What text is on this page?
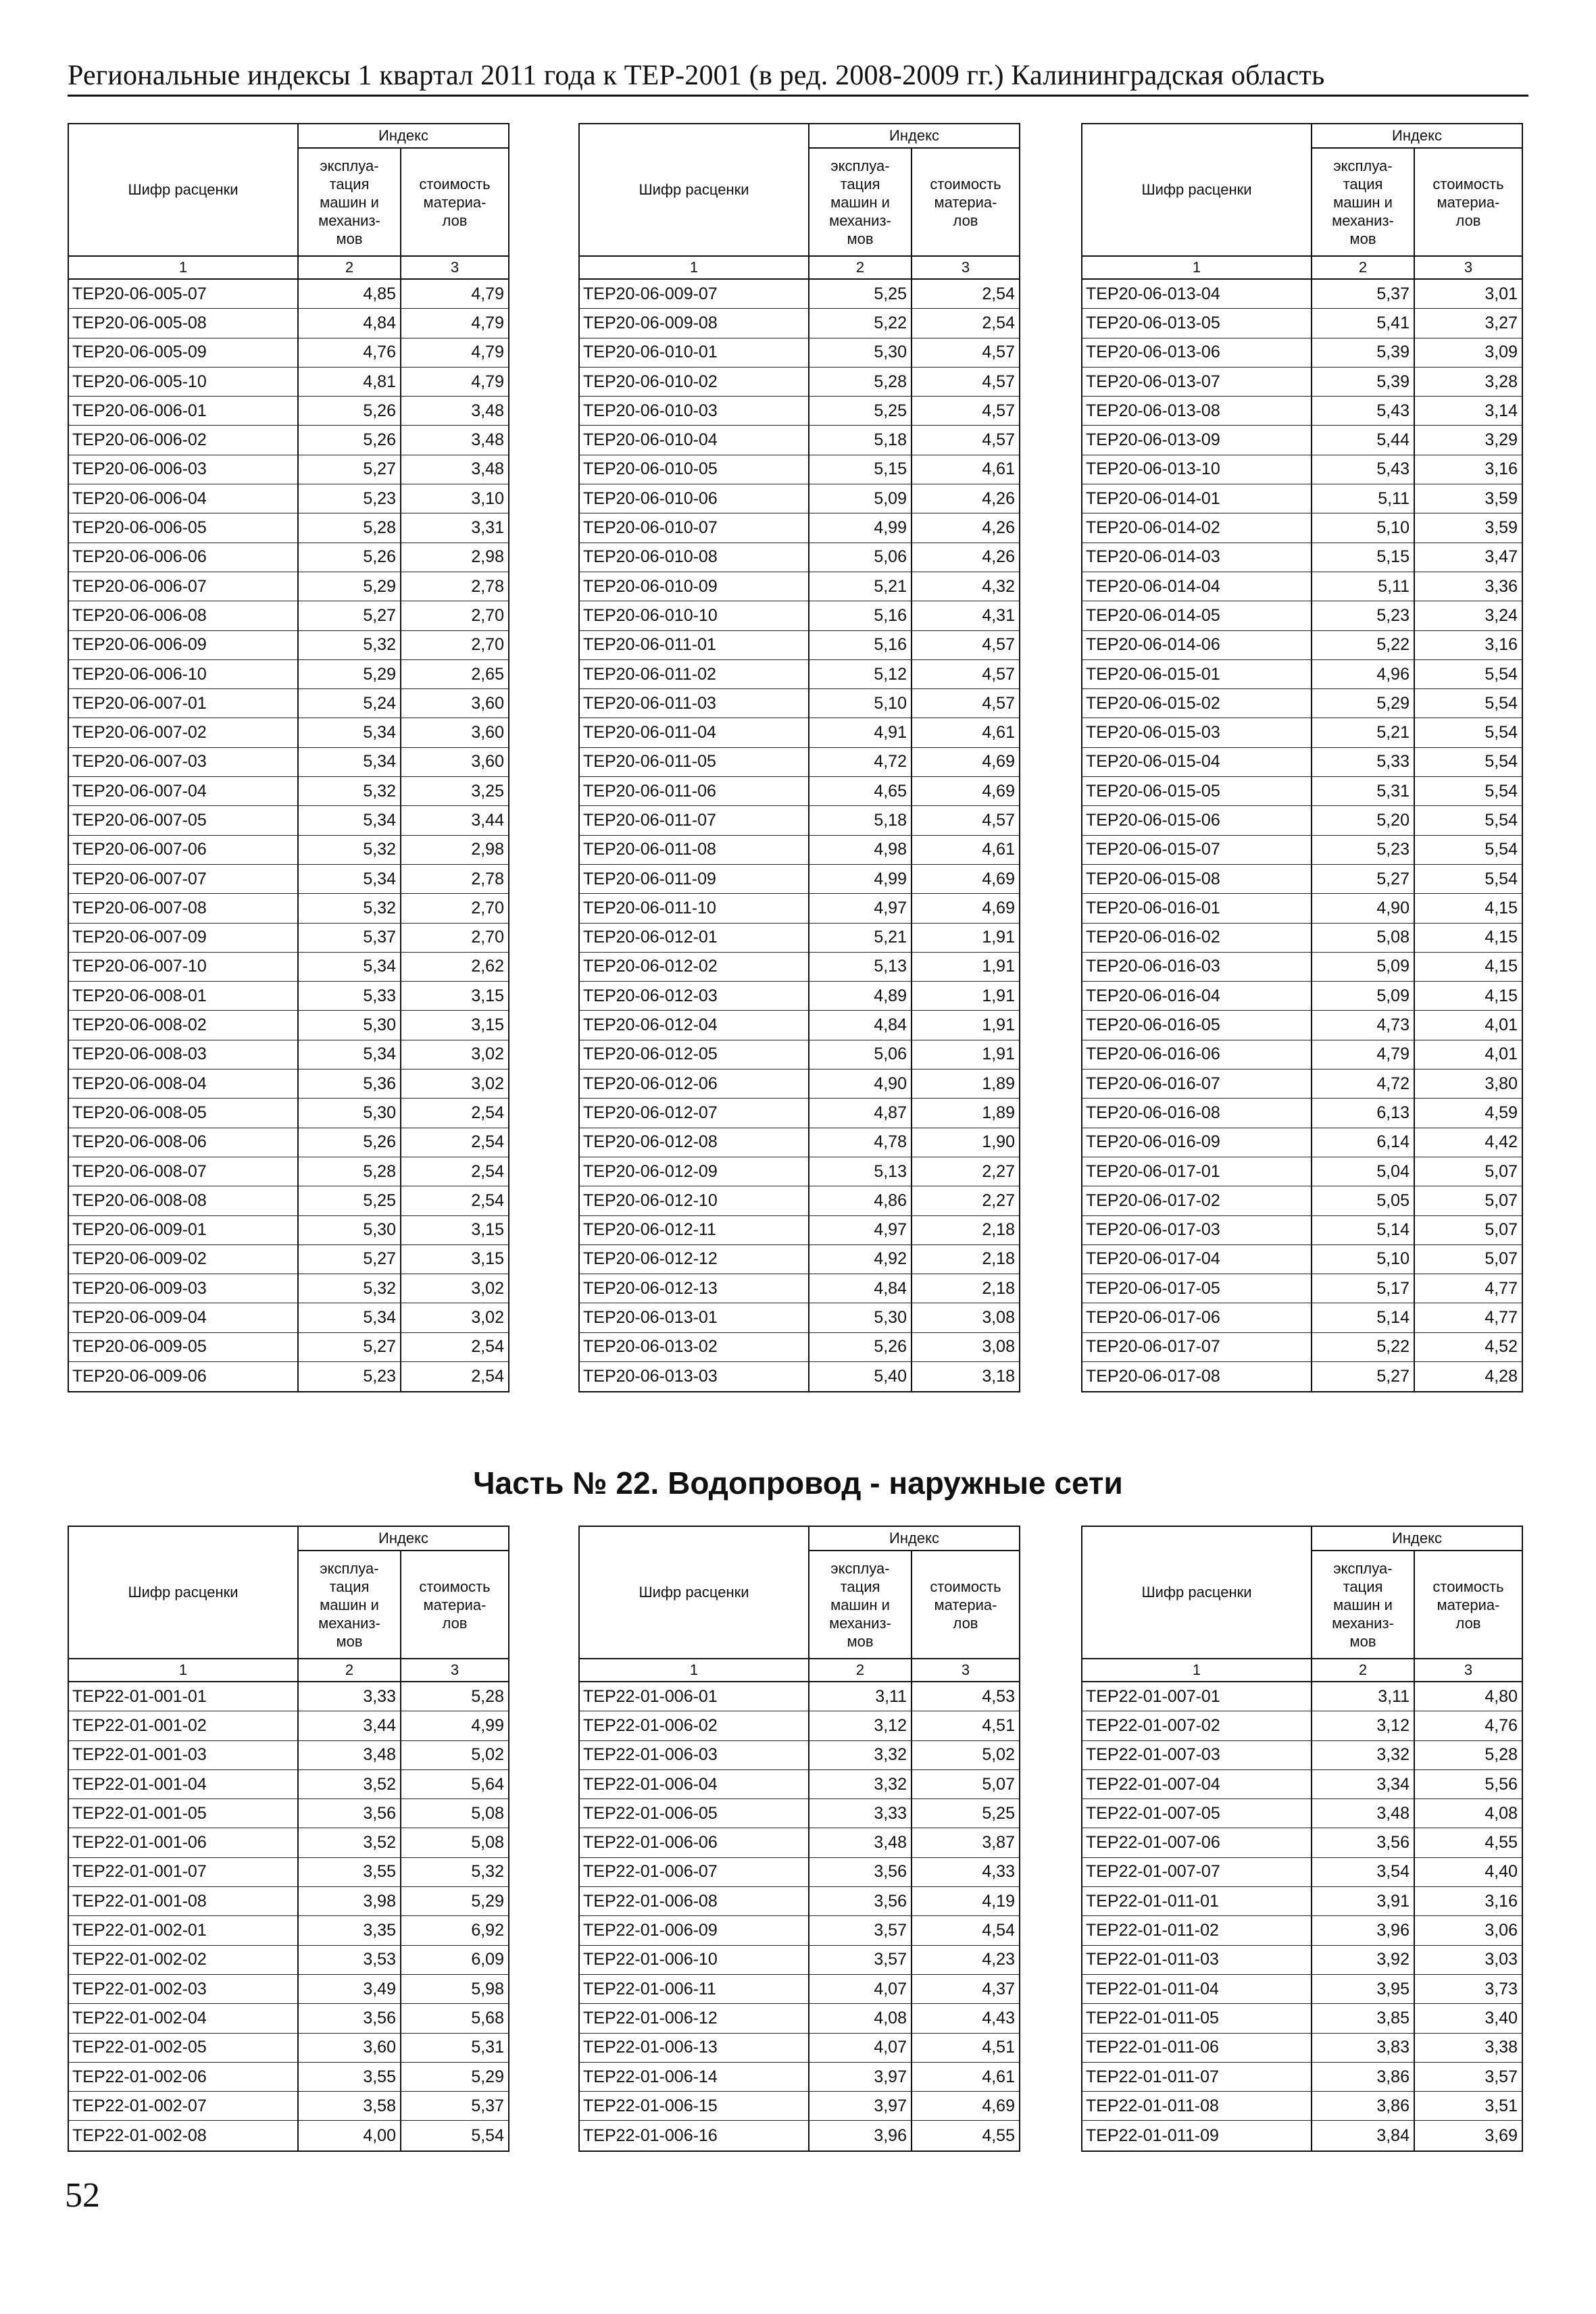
Региональные индексы 1 квартал 2011 года к ТЕР-2001 (в ред. 2008-2009 гг.) Калининградская область
Шифр расценки
Индекс
эксплуа-
тация
машин и
механиз-
мов
стоимость
материа-
лов
1	2	3
ТЕР20-06-005-07	4,85	4,79
ТЕР20-06-005-08	4,84	4,79
ТЕР20-06-005-09	4,76	4,79
ТЕР20-06-005-10	4,81	4,79
ТЕР20-06-006-01	5,26	3,48
ТЕР20-06-006-02	5,26	3,48
ТЕР20-06-006-03	5,27	3,48
ТЕР20-06-006-04	5,23	3,10
ТЕР20-06-006-05	5,28	3,31
ТЕР20-06-006-06	5,26	2,98
ТЕР20-06-006-07	5,29	2,78
ТЕР20-06-006-08	5,27	2,70
ТЕР20-06-006-09	5,32	2,70
ТЕР20-06-006-10	5,29	2,65
ТЕР20-06-007-01	5,24	3,60
ТЕР20-06-007-02	5,34	3,60
ТЕР20-06-007-03	5,34	3,60
ТЕР20-06-007-04	5,32	3,25
ТЕР20-06-007-05	5,34	3,44
ТЕР20-06-007-06	5,32	2,98
ТЕР20-06-007-07	5,34	2,78
ТЕР20-06-007-08	5,32	2,70
ТЕР20-06-007-09	5,37	2,70
ТЕР20-06-007-10	5,34	2,62
ТЕР20-06-008-01	5,33	3,15
ТЕР20-06-008-02	5,30	3,15
ТЕР20-06-008-03	5,34	3,02
ТЕР20-06-008-04	5,36	3,02
ТЕР20-06-008-05	5,30	2,54
ТЕР20-06-008-06	5,26	2,54
ТЕР20-06-008-07	5,28	2,54
ТЕР20-06-008-08	5,25	2,54
ТЕР20-06-009-01	5,30	3,15
ТЕР20-06-009-02	5,27	3,15
ТЕР20-06-009-03	5,32	3,02
ТЕР20-06-009-04	5,34	3,02
ТЕР20-06-009-05	5,27	2,54
ТЕР20-06-009-06	5,23	2,54
Шифр расценки
Индекс
эксплуа-
тация
машин и
механиз-
мов
стоимость
материа-
лов
1	2	3
ТЕР20-06-009-07	5,25	2,54
ТЕР20-06-009-08	5,22	2,54
ТЕР20-06-010-01	5,30	4,57
ТЕР20-06-010-02	5,28	4,57
ТЕР20-06-010-03	5,25	4,57
ТЕР20-06-010-04	5,18	4,57
ТЕР20-06-010-05	5,15	4,61
ТЕР20-06-010-06	5,09	4,26
ТЕР20-06-010-07	4,99	4,26
ТЕР20-06-010-08	5,06	4,26
ТЕР20-06-010-09	5,21	4,32
ТЕР20-06-010-10	5,16	4,31
ТЕР20-06-011-01	5,16	4,57
ТЕР20-06-011-02	5,12	4,57
ТЕР20-06-011-03	5,10	4,57
ТЕР20-06-011-04	4,91	4,61
ТЕР20-06-011-05	4,72	4,69
ТЕР20-06-011-06	4,65	4,69
ТЕР20-06-011-07	5,18	4,57
ТЕР20-06-011-08	4,98	4,61
ТЕР20-06-011-09	4,99	4,69
ТЕР20-06-011-10	4,97	4,69
ТЕР20-06-012-01	5,21	1,91
ТЕР20-06-012-02	5,13	1,91
ТЕР20-06-012-03	4,89	1,91
ТЕР20-06-012-04	4,84	1,91
ТЕР20-06-012-05	5,06	1,91
ТЕР20-06-012-06	4,90	1,89
ТЕР20-06-012-07	4,87	1,89
ТЕР20-06-012-08	4,78	1,90
ТЕР20-06-012-09	5,13	2,27
ТЕР20-06-012-10	4,86	2,27
ТЕР20-06-012-11	4,97	2,18
ТЕР20-06-012-12	4,92	2,18
ТЕР20-06-012-13	4,84	2,18
ТЕР20-06-013-01	5,30	3,08
ТЕР20-06-013-02	5,26	3,08
ТЕР20-06-013-03	5,40	3,18
Шифр расценки
Индекс
эксплуа-
тация
машин и
механиз-
мов
стоимость
материа-
лов
1	2	3
ТЕР20-06-013-04	5,37	3,01
ТЕР20-06-013-05	5,41	3,27
ТЕР20-06-013-06	5,39	3,09
ТЕР20-06-013-07	5,39	3,28
ТЕР20-06-013-08	5,43	3,14
ТЕР20-06-013-09	5,44	3,29
ТЕР20-06-013-10	5,43	3,16
ТЕР20-06-014-01	5,11	3,59
ТЕР20-06-014-02	5,10	3,59
ТЕР20-06-014-03	5,15	3,47
ТЕР20-06-014-04	5,11	3,36
ТЕР20-06-014-05	5,23	3,24
ТЕР20-06-014-06	5,22	3,16
ТЕР20-06-015-01	4,96	5,54
ТЕР20-06-015-02	5,29	5,54
ТЕР20-06-015-03	5,21	5,54
ТЕР20-06-015-04	5,33	5,54
ТЕР20-06-015-05	5,31	5,54
ТЕР20-06-015-06	5,20	5,54
ТЕР20-06-015-07	5,23	5,54
ТЕР20-06-015-08	5,27	5,54
ТЕР20-06-016-01	4,90	4,15
ТЕР20-06-016-02	5,08	4,15
ТЕР20-06-016-03	5,09	4,15
ТЕР20-06-016-04	5,09	4,15
ТЕР20-06-016-05	4,73	4,01
ТЕР20-06-016-06	4,79	4,01
ТЕР20-06-016-07	4,72	3,80
ТЕР20-06-016-08	6,13	4,59
ТЕР20-06-016-09	6,14	4,42
ТЕР20-06-017-01	5,04	5,07
ТЕР20-06-017-02	5,05	5,07
ТЕР20-06-017-03	5,14	5,07
ТЕР20-06-017-04	5,10	5,07
ТЕР20-06-017-05	5,17	4,77
ТЕР20-06-017-06	5,14	4,77
ТЕР20-06-017-07	5,22	4,52
ТЕР20-06-017-08	5,27	4,28
Часть № 22. Водопровод - наружные сети
Шифр расценки
Индекс
эксплуа-
тация
машин и
механиз-
мов
стоимость
материа-
лов
1	2	3
ТЕР22-01-001-01	3,33	5,28
ТЕР22-01-001-02	3,44	4,99
ТЕР22-01-001-03	3,48	5,02
ТЕР22-01-001-04	3,52	5,64
ТЕР22-01-001-05	3,56	5,08
ТЕР22-01-001-06	3,52	5,08
ТЕР22-01-001-07	3,55	5,32
ТЕР22-01-001-08	3,98	5,29
ТЕР22-01-002-01	3,35	6,92
ТЕР22-01-002-02	3,53	6,09
ТЕР22-01-002-03	3,49	5,98
ТЕР22-01-002-04	3,56	5,68
ТЕР22-01-002-05	3,60	5,31
ТЕР22-01-002-06	3,55	5,29
ТЕР22-01-002-07	3,58	5,37
ТЕР22-01-002-08	4,00	5,54
Шифр расценки
Индекс
эксплуа-
тация
машин и
механиз-
мов
стоимость
материа-
лов
1	2	3
ТЕР22-01-006-01	3,11	4,53
ТЕР22-01-006-02	3,12	4,51
ТЕР22-01-006-03	3,32	5,02
ТЕР22-01-006-04	3,32	5,07
ТЕР22-01-006-05	3,33	5,25
ТЕР22-01-006-06	3,48	3,87
ТЕР22-01-006-07	3,56	4,33
ТЕР22-01-006-08	3,56	4,19
ТЕР22-01-006-09	3,57	4,54
ТЕР22-01-006-10	3,57	4,23
ТЕР22-01-006-11	4,07	4,37
ТЕР22-01-006-12	4,08	4,43
ТЕР22-01-006-13	4,07	4,51
ТЕР22-01-006-14	3,97	4,61
ТЕР22-01-006-15	3,97	4,69
ТЕР22-01-006-16	3,96	4,55
Шифр расценки
Индекс
эксплуа-
тация
машин и
механиз-
мов
стоимость
материа-
лов
1	2	3
ТЕР22-01-007-01	3,11	4,80
ТЕР22-01-007-02	3,12	4,76
ТЕР22-01-007-03	3,32	5,28
ТЕР22-01-007-04	3,34	5,56
ТЕР22-01-007-05	3,48	4,08
ТЕР22-01-007-06	3,56	4,55
ТЕР22-01-007-07	3,54	4,40
ТЕР22-01-011-01	3,91	3,16
ТЕР22-01-011-02	3,96	3,06
ТЕР22-01-011-03	3,92	3,03
ТЕР22-01-011-04	3,95	3,73
ТЕР22-01-011-05	3,85	3,40
ТЕР22-01-011-06	3,83	3,38
ТЕР22-01-011-07	3,86	3,57
ТЕР22-01-011-08	3,86	3,51
ТЕР22-01-011-09	3,84	3,69
52
